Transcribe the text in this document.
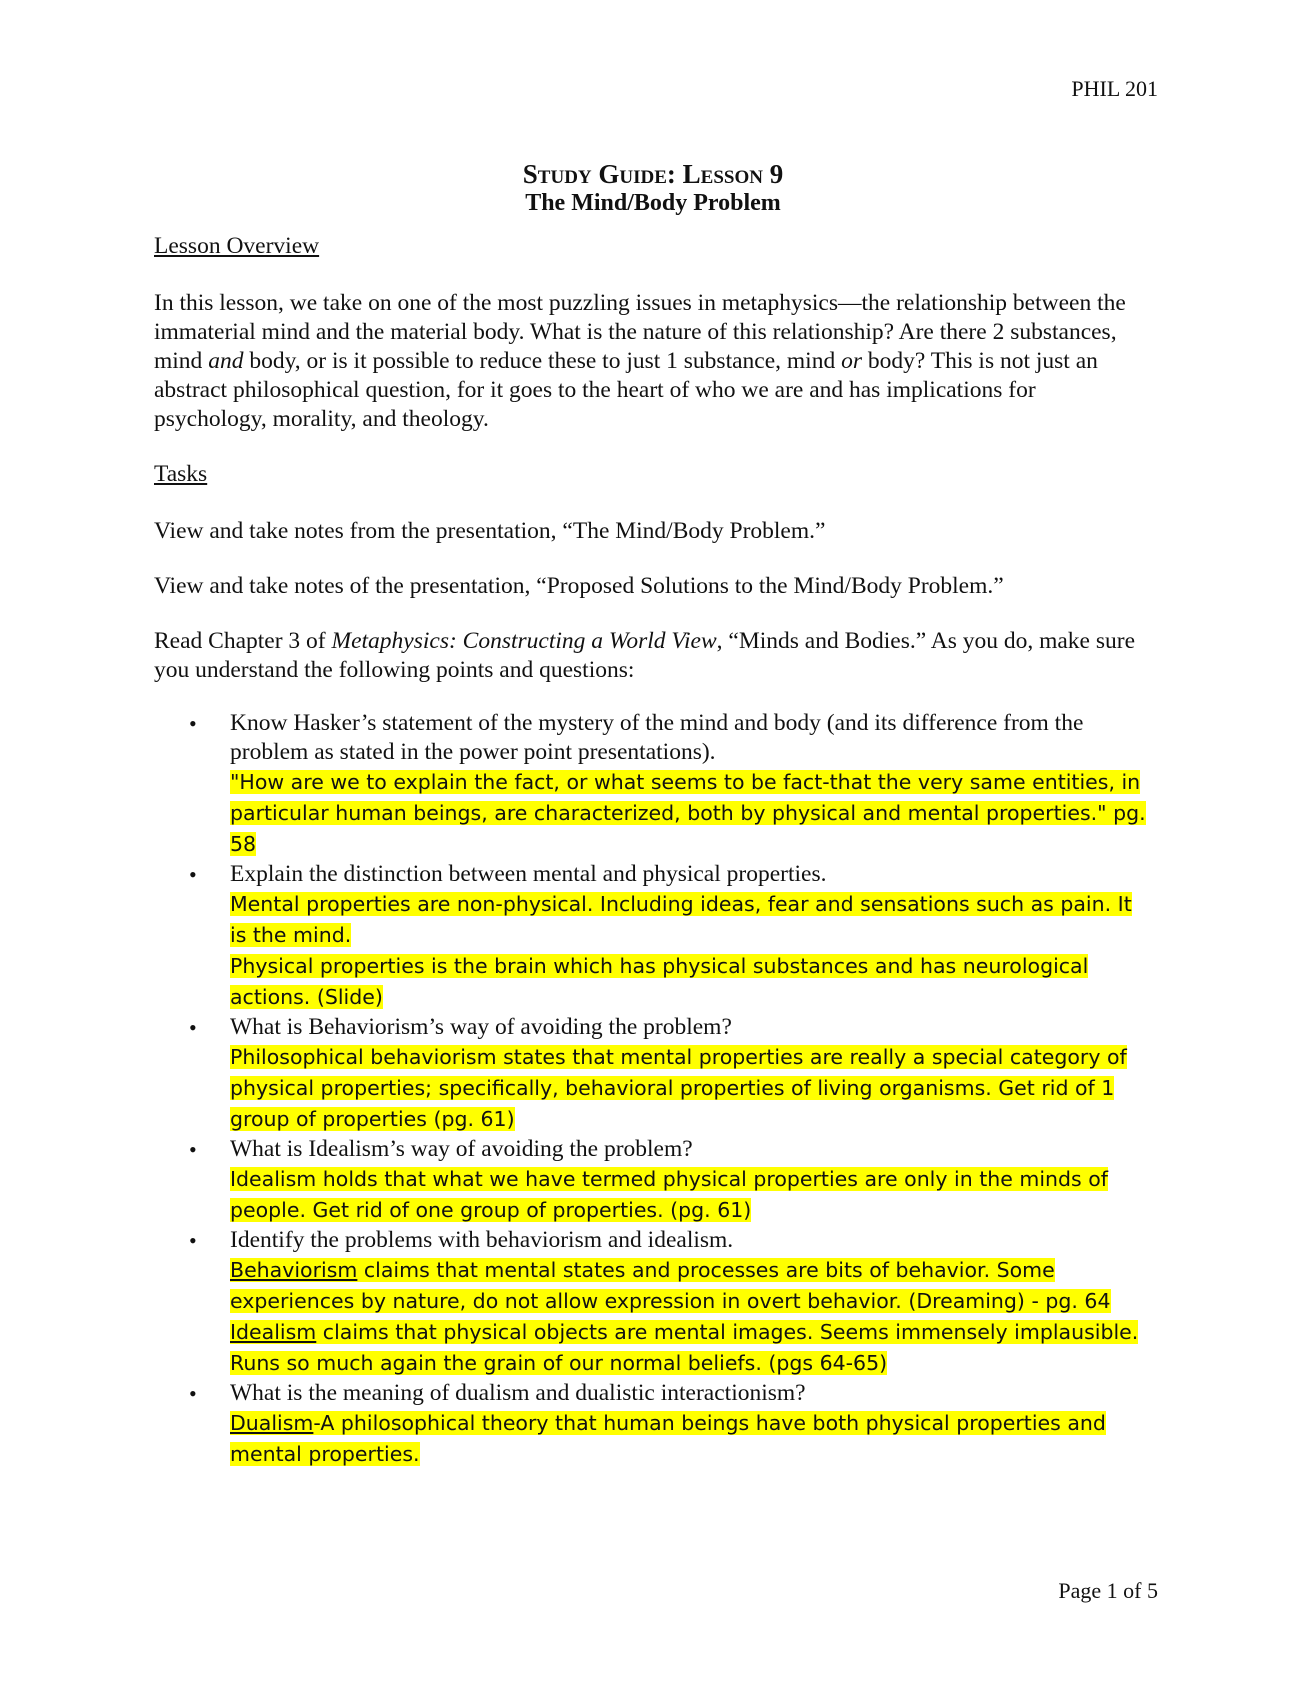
PHIL 201
Study Guide: Lesson 9
The Mind/Body Problem

Lesson Overview

In this lesson, we take on one of the most puzzling issues in metaphysics—the relationship between the immaterial mind and the material body. What is the nature of this relationship? Are there 2 substances, mind and body, or is it possible to reduce these to just 1 substance, mind or body? This is not just an abstract philosophical question, for it goes to the heart of who we are and has implications for psychology, morality, and theology.

Tasks

View and take notes from the presentation, “The Mind/Body Problem.”

View and take notes of the presentation, “Proposed Solutions to the Mind/Body Problem.”

Read Chapter 3 of Metaphysics: Constructing a World View, “Minds and Bodies.” As you do, make sure you understand the following points and questions:

• Know Hasker’s statement of the mystery of the mind and body (and its difference from the problem as stated in the power point presentations).
"How are we to explain the fact, or what seems to be fact-that the very same entities, in particular human beings, are characterized, both by physical and mental properties." pg. 58
• Explain the distinction between mental and physical properties.
Mental properties are non-physical. Including ideas, fear and sensations such as pain. It is the mind.
Physical properties is the brain which has physical substances and has neurological actions. (Slide)
• What is Behaviorism’s way of avoiding the problem?
Philosophical behaviorism states that mental properties are really a special category of physical properties; specifically, behavioral properties of living organisms. Get rid of 1 group of properties (pg. 61)
• What is Idealism’s way of avoiding the problem?
Idealism holds that what we have termed physical properties are only in the minds of people. Get rid of one group of properties. (pg. 61)
• Identify the problems with behaviorism and idealism.
Behaviorism claims that mental states and processes are bits of behavior. Some experiences by nature, do not allow expression in overt behavior. (Dreaming) - pg. 64
Idealism claims that physical objects are mental images. Seems immensely implausible. Runs so much again the grain of our normal beliefs. (pgs 64-65)
• What is the meaning of dualism and dualistic interactionism?
Dualism-A philosophical theory that human beings have both physical properties and mental properties.
Page 1 of 5
